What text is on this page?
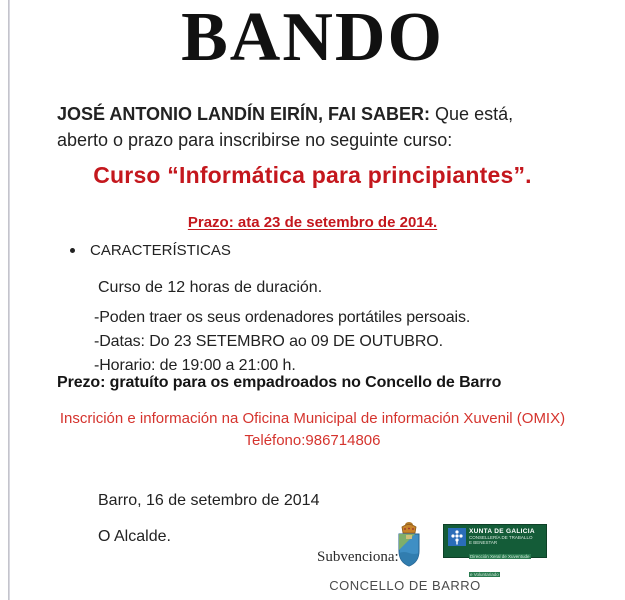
BANDO
JOSÉ ANTONIO LANDÍN EIRÍN, FAI SABER: Que está,
aberto o prazo para inscribirse no seguinte curso:
Curso “Informática para principiantes”.
Prazo: ata 23 de setembro de 2014.
CARACTERÍSTICAS
Curso de 12 horas de duración.
-Poden traer os seus ordenadores portátiles persoais.
-Datas: Do 23 SETEMBRO ao 09 DE OUTUBRO.
-Horario: de 19:00 a 21:00 h.
Prezo: gratuíto para os empadroados no Concello de Barro
Inscrición e información na Oficina Municipal de información Xuvenil (OMIX)
Teléfono:986714806
Barro, 16 de setembro de 2014
O Alcalde.
Subvenciona:
XUNTA DE GALICIA
CONSELLERÍA DE TRABALLO
E BENESTAR
Dirección Xeral de Xuventude
e Voluntariado
CONCELLO DE BARRO
